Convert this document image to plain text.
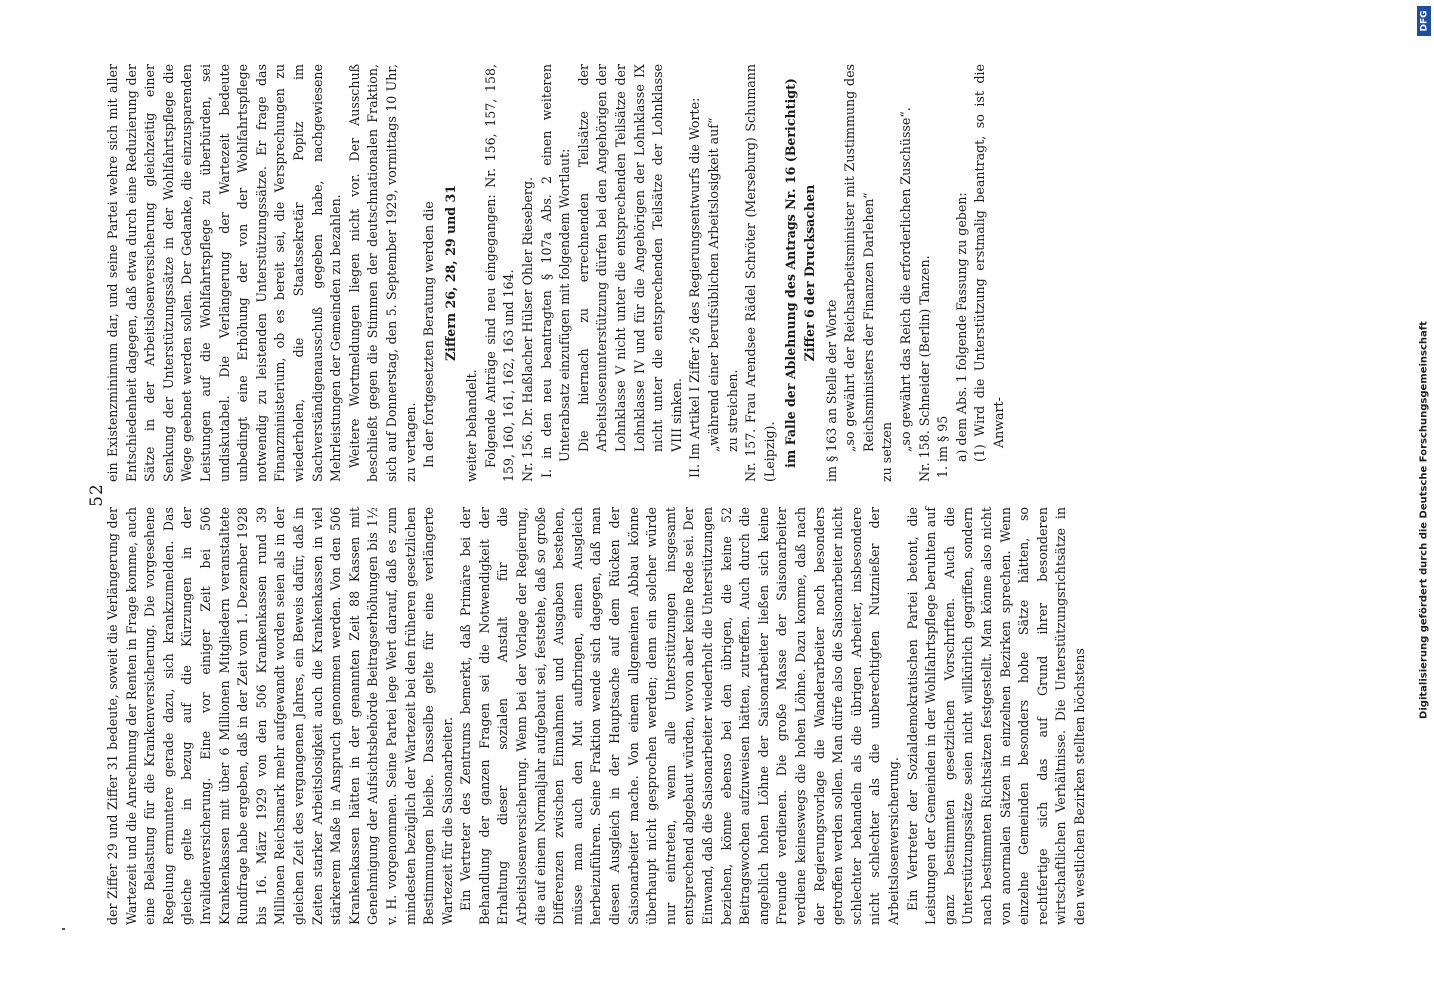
52

der Ziffer 29 und Ziffer 31 bedeute, soweit die Verlängerung der Wartezeit und die Anrechnung der Renten in Frage komme, auch eine Belastung für die Krankenversicherung. Die vorgesehene Regelung ermuntere gerade dazu, sich krankzumelden. Das gleiche gelte in bezug auf die Kürzungen in der Invalidenversicherung. Eine vor einiger Zeit bei 506 Krankenkassen mit über 6 Millionen Mitgliedern veranstaltete Rundfrage habe ergeben, daß in der Zeit vom 1. Dezember 1928 bis 16. März 1929 von den 506 Krankenkassen rund 39 Millionen Reichsmark mehr aufgewandt worden seien als in der gleichen Zeit des vergangenen Jahres, ein Beweis dafür, daß in Zeiten starker Arbeitslosigkeit auch die Krankenkassen in viel stärkerem Maße in Anspruch genommen werden. Von den 506 Krankenkassen hätten in der genannten Zeit 88 Kassen mit Genehmigung der Aufsichtsbehörde Beitragserhöhungen bis 1½ v. H. vorgenommen. Seine Partei lege Wert darauf, daß es zum mindesten bezüglich der Wartezeit bei den früheren gesetzlichen Bestimmungen bleibe. Dasselbe gelte für eine verlängerte Wartezeit für die Saisonarbeiter. Ein Vertreter des Zentrums bemerkt, daß Primäre bei der Behandlung der ganzen Fragen sei die Notwendigkeit der Erhaltung dieser sozialen Anstalt für die Arbeitslosenversicherung. Wenn bei der Vorlage der Regierung, die auf einem Normaljahr aufgebaut sei, feststehe, daß so große Differenzen zwischen Einnahmen und Ausgaben bestehen, müsse man auch den Mut aufbringen, einen Ausgleich herbeizuführen. Seine Fraktion wende sich dagegen, daß man diesen Ausgleich in der Hauptsache auf dem Rücken der Saisonarbeiter mache. Von einem allgemeinen Abbau könne überhaupt nicht gesprochen werden; denn ein solcher würde nur eintreten, wenn alle Unterstützungen insgesamt entsprechend abgebaut würden, wovon aber keine Rede sei. Der Einwand, daß die Saisonarbeiter wiederholt die Unterstützungen beziehen, könne ebenso bei den übrigen, die keine 52 Beitragswochen aufzuweisen hätten, zutreffen. Auch durch die angeblich hohen Löhne der Saisonarbeiter ließen sich keine Freunde verdienen. Die große Masse der Saisonarbeiter verdiene keineswegs die hohen Löhne. Dazu komme, daß nach der Regierungsvorlage die Wanderarbeiter noch besonders getroffen werden sollen. Man dürfe also die Saisonarbeiter nicht schlechter behandeln als die übrigen Arbeiter, insbesondere nicht schlechter als die unberechtigten Nutznießer der Arbeitslosenversicherung. Ein Vertreter der Sozialdemokratischen Partei betont, die Leistungen der Gemeinden in der Wohlfahrtspflege beruhten auf ganz bestimmten gesetzlichen Vorschriften. Auch die Unterstützungssätze seien nicht willkürlich gegriffen, sondern nach bestimmten Richtsätzen festgestellt. Man könne also nicht von anormalen Sätzen in einzelnen Bezirken sprechen. Wenn einzelne Gemeinden besonders hohe Sätze hätten, so rechtfertige sich das auf Grund ihrer besonderen wirtschaftlichen Verhältnisse. Die Unterstützungsrichtsätze in den westlichen Bezirken stellten höchstens

ein Existenzminimum dar, und seine Partei wehre sich mit aller Entschiedenheit dagegen, daß etwa durch eine Reduzierung der Sätze in der Arbeitslosenversicherung gleichzeitig einer Senkung der Unterstützungssätze in der Wohlfahrtspflege die Wege geebnet werden sollen. Der Gedanke, die einzusparenden Leistungen auf die Wohlfahrtspflege zu überbürden, sei undiskutabel. Die Verlängerung der Wartezeit bedeute unbedingt eine Erhöhung der von der Wohlfahrtspflege notwendig zu leistenden Unterstützungssätze. Er frage das Finanzministerium, ob es bereit sei, die Versprechungen zu wiederholen, die Staatssekretär Popitz im Sachverständigenausschuß gegeben habe, nachgewiesene Mehrleistungen der Gemeinden zu bezahlen. Weitere Wortmeldungen liegen nicht vor. Der Ausschuß beschließt gegen die Stimmen der deutschnationalen Fraktion, sich auf Donnerstag, den 5. September 1929, vormittags 10 Uhr, zu vertagen. In der fortgesetzten Beratung werden die Ziffern 26, 28, 29 und 31

weiter behandelt. Folgende Anträge sind neu eingegangen: Nr. 156, 157, 158, 159, 160, 161, 162, 163 und 164. Nr. 156. Dr. Haßlacher Hülser Ohler Rieseberg. I. in den neu beantragten § 107a Abs. 2 einen weiteren Unterabsatz einzufügen mit folgendem Wortlaut: Die hiernach zu errechnenden Teilsätze der Arbeitslosenunterstützung dürfen bei den Angehörigen der Lohnklasse V nicht unter die entsprechenden Teilsätze der Lohnklasse IV und für die Angehörigen der Lohnklasse IX nicht unter die entsprechenden Teilsätze der Lohnklasse VIII sinken. II. Im Artikel I Ziffer 26 des Regierungsentwurfs die Worte: „während einer berufsüblichen Arbeitslosigkeit auf“ zu streichen. Nr. 157. Frau Arendsee Rädel Schröter (Merseburg) Schumann (Leipzig). im Falle der Ablehnung des Antrags Nr. 16 (Berichtigt) Ziffer 6 der Drucksachen

im § 163 an Stelle der Worte „so gewährt der Reichsarbeitsminister mit Zustimmung des Reichsministers der Finanzen Darlehen“

zu setzen

„so gewährt das Reich die erforderlichen Zuschüsse“. Nr. 158. Schneider (Berlin) Tanzen. 1. im § 95 a) dem Abs. 1 folgende Fassung zu geben: (1) Wird die Unterstützung erstmalig beantragt, so ist die Anwart-

DFG
Digitalisierung gefördert durch die Deutsche Forschungsgemeinschaft
